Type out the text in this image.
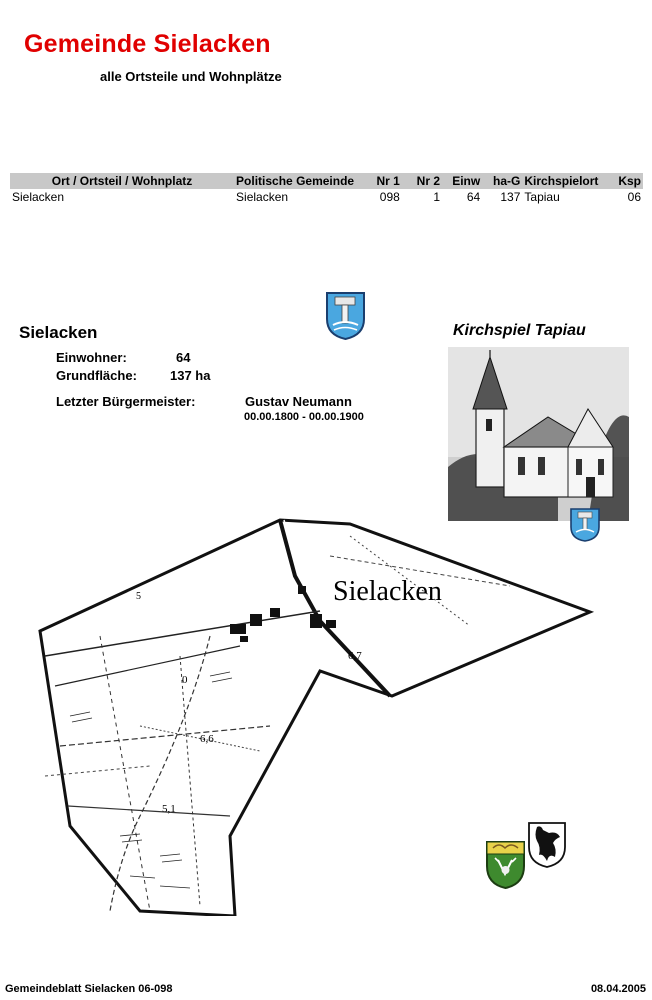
Gemeinde Sielacken
alle Ortsteile und Wohnplätze
Ort / Ortsteil / Wohnplatz	Politische Gemeinde	Nr 1	Nr 2	Einw	ha-G	Kirchspielort	Ksp
Sielacken	Sielacken	098	1	64	137	Tapiau	06
Sielacken
Einwohner:	64
Grundfläche:	137 ha
Letzter Bürgermeister:	Gustav Neumann
00.00.1800 - 00.00.1900
Kirchspiel Tapiau
Sielacken
6,7
6,6
5,1
0
5
Gemeindeblatt Sielacken 06-098	08.04.2005
